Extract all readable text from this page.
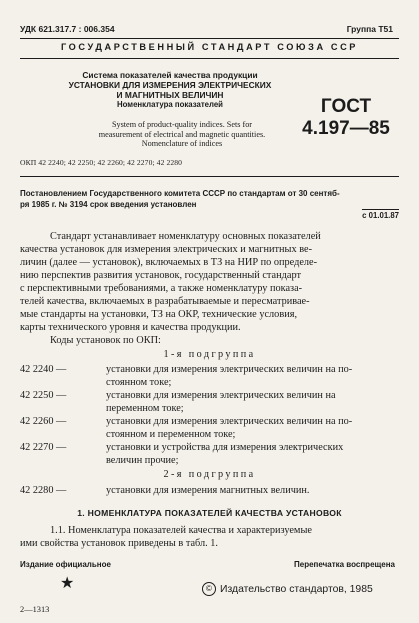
УДК 621.317.7 : 006.354	Группа Т51
ГОСУДАРСТВЕННЫЙ СТАНДАРТ СОЮЗА ССР
Система показателей качества продукции
УСТАНОВКИ ДЛЯ ИЗМЕРЕНИЯ ЭЛЕКТРИЧЕСКИХ
И МАГНИТНЫХ ВЕЛИЧИН
Номенклатура показателей	ГОСТ
4.197—85
System of product-quality indices. Sets for
measurement of electrical and magnetic quantities.
Nomenclature of indices
ОКП 42 2240; 42 2250; 42 2260; 42 2270; 42 2280
Постановлением Государственного комитета СССР по стандартам от 30 сентяб-
ря 1985 г. № 3194 срок введения установлен
с 01.01.87

Стандарт устанавливает номенклатуру основных показателей

качества установок для измерения электрических и магнитных ве-

личин (далее — установок), включаемых в ТЗ на НИР по определе-

нию перспектив развития установок, государственный стандарт

с перспективными требованиями, а также номенклатуру показа-

телей качества, включаемых в разрабатываемые и пересматривае-

мые стандарты на установки, ТЗ на ОКР, технические условия,

карты технического уровня и качества продукции.

Коды установок по ОКП:

1-я подгруппа
42 2240 —	установки для измерения электрических величин на по-
стоянном токе;
42 2250 —	установки для измерения электрических величин на
переменном токе;
42 2260 —	установки для измерения электрических величин на по-
стоянном и переменном токе;
42 2270 —	установки и устройства для измерения электрических
величин прочие;
2-я подгруппа
42 2280 —	установки для измерения магнитных величин.
1. НОМЕНКЛАТУРА ПОКАЗАТЕЛЕЙ КАЧЕСТВА УСТАНОВОК

1.1. Номенклатура показателей качества и характеризуемые

ими свойства установок приведены в табл. 1.

Издание официальное	Перепечатка воспрещена
★	© Издательство стандартов, 1985
2—1313
